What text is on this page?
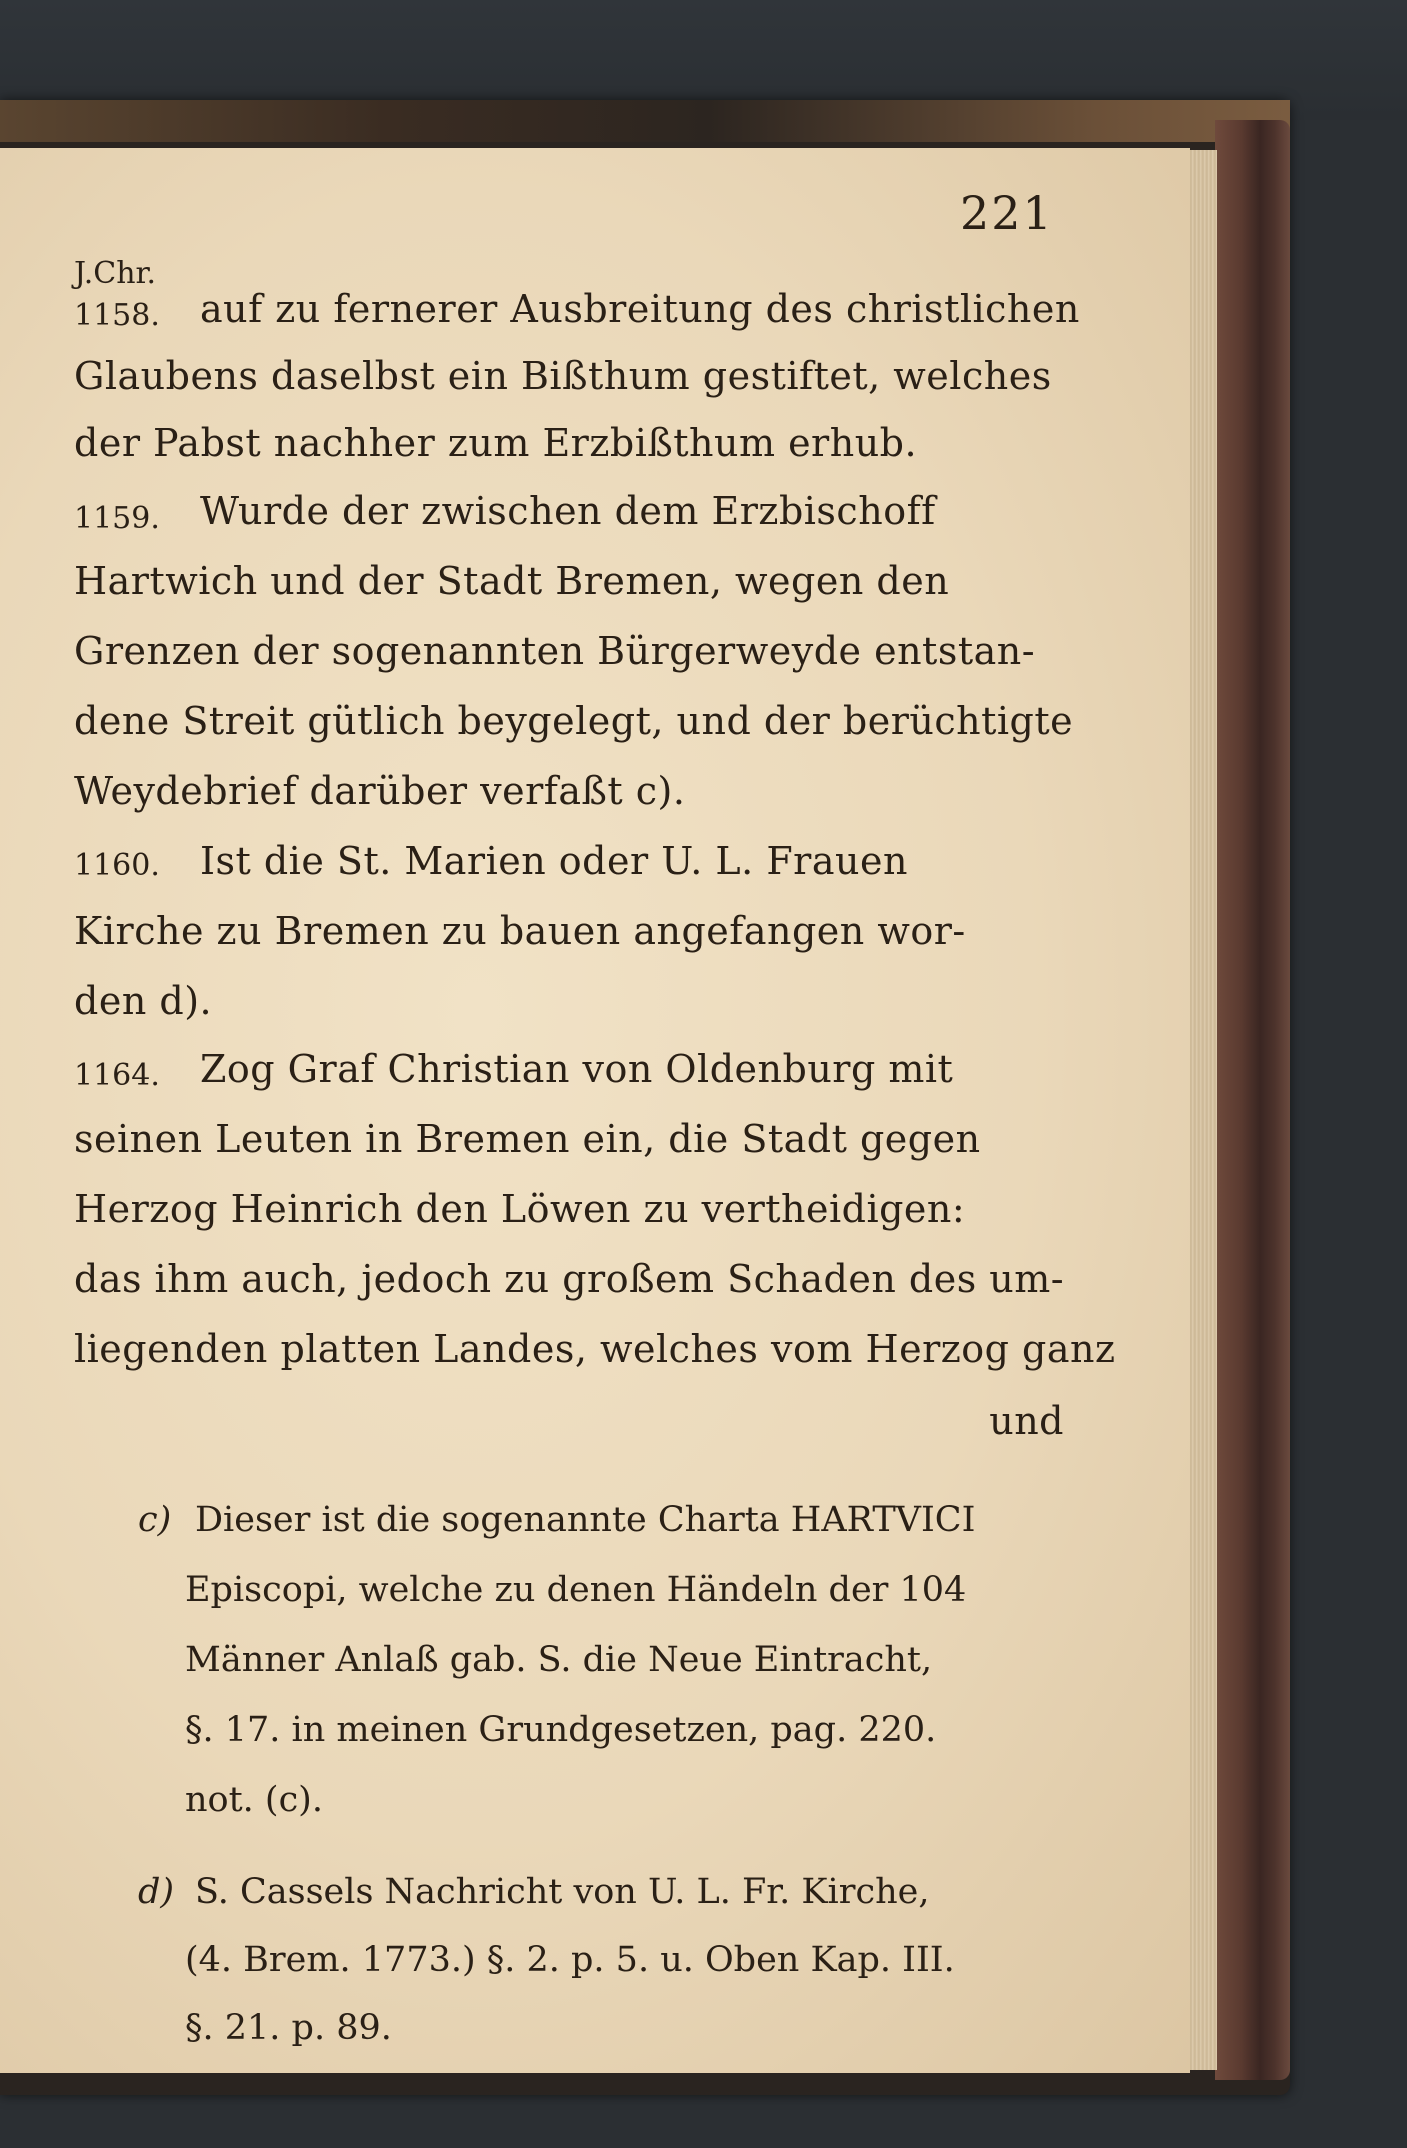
221
J.Chr.
1158. auf zu fernerer Ausbreitung des christlichen
Glaubens daselbst ein Bißthum gestiftet, welches
der Pabst nachher zum Erzbißthum erhub.
1159. Wurde der zwischen dem Erzbischoff
Hartwich und der Stadt Bremen, wegen den
Grenzen der sogenannten Bürgerweyde entstan-
dene Streit gütlich beygelegt, und der berüchtigte
Weydebrief darüber verfaßt c).
1160. Ist die St. Marien oder U. L. Frauen
Kirche zu Bremen zu bauen angefangen wor-
den d).
1164. Zog Graf Christian von Oldenburg mit
seinen Leuten in Bremen ein, die Stadt gegen
Herzog Heinrich den Löwen zu vertheidigen:
das ihm auch, jedoch zu großem Schaden des um-
liegenden platten Landes, welches vom Herzog ganz
und
c) Dieser ist die sogenannte Charta HARTVICI
Episcopi, welche zu denen Händeln der 104
Männer Anlaß gab. S. die Neue Eintracht,
§. 17. in meinen Grundgesetzen, pag. 220.
not. (c).
d) S. Cassels Nachricht von U. L. Fr. Kirche,
(4. Brem. 1773.) §. 2. p. 5. u. Oben Kap. III.
§. 21. p. 89.
